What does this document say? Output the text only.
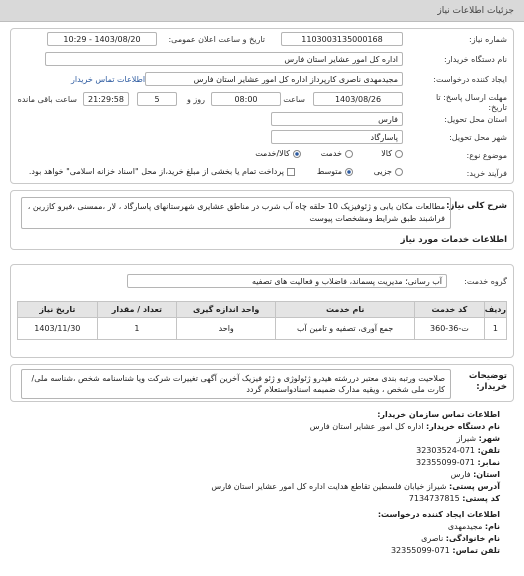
جزئیات اطلاعات نیاز
شماره نیاز:
1103003135000168
تاریخ و ساعت اعلان عمومی:
1403/08/20 - 10:29
نام دستگاه خریدار:
اداره کل امور عشایر استان فارس
ایجاد کننده درخواست:
مجیدمهدی ناصری کارپرداز اداره کل امور عشایر استان فارس
اطلاعات تماس خریدار
مهلت ارسال پاسخ: تا تاریخ:
1403/08/26
ساعت
08:00
روز و
5
21:29:58
ساعت باقی مانده
استان محل تحویل:
فارس
شهر محل تحویل:
پاسارگاد
موضوع نوع:
کالا
خدمت
کالا/خدمت
فرآیند خرید:
جزیی
متوسط
پرداخت تمام یا بخشی از مبلغ خرید،از محل "اسناد خزانه اسلامی" خواهد بود.
شرح کلی نیاز:
مطالعات مکان یابی و ژئوفیزیک 10 حلقه چاه آب شرب در مناطق عشایری شهرستانهای پاسارگاد ، لار ،ممسنی ،فیرو کازرین ، فراشبند طبق شرایط ومشخصات پیوست
اطلاعات خدمات مورد نیاز
گروه خدمت:
آب رسانی؛ مدیریت پسماند، فاضلاب و فعالیت های تصفیه
ردیف	کد خدمت	نام خدمت	واحد اندازه گیری	تعداد / مقدار	تاریخ نیاز
1	ت-36-360	جمع آوری، تصفیه و تامین آب	واحد	1	1403/11/30
توضیحات خریدار:
صلاحیت ورتبه بندی معتبر دررشته هیدرو ژئولوژی و ژئو فیزیک آخرین آگهی تغییرات شرکت ویا شناسنامه شخص ،شناسه ملی/کارت ملی شخص ، ویقیه مدارک ضمیمه اسنادواستعلام گردد
اطلاعات تماس سازمان خریدار:
نام دستگاه خریدار: اداره کل امور عشایر استان فارس
شهر: شیراز
تلفن: 071-32303524
نمابر: 071-32355099
استان: فارس
آدرس پستی: شیراز خیابان فلسطین تقاطع هدایت اداره کل امور عشایر استان فارس
کد پستی: 7134737815
اطلاعات ایجاد کننده درخواست:
نام: مجیدمهدی
نام خانوادگی: ناصری
تلفن تماس: 071-32355099
